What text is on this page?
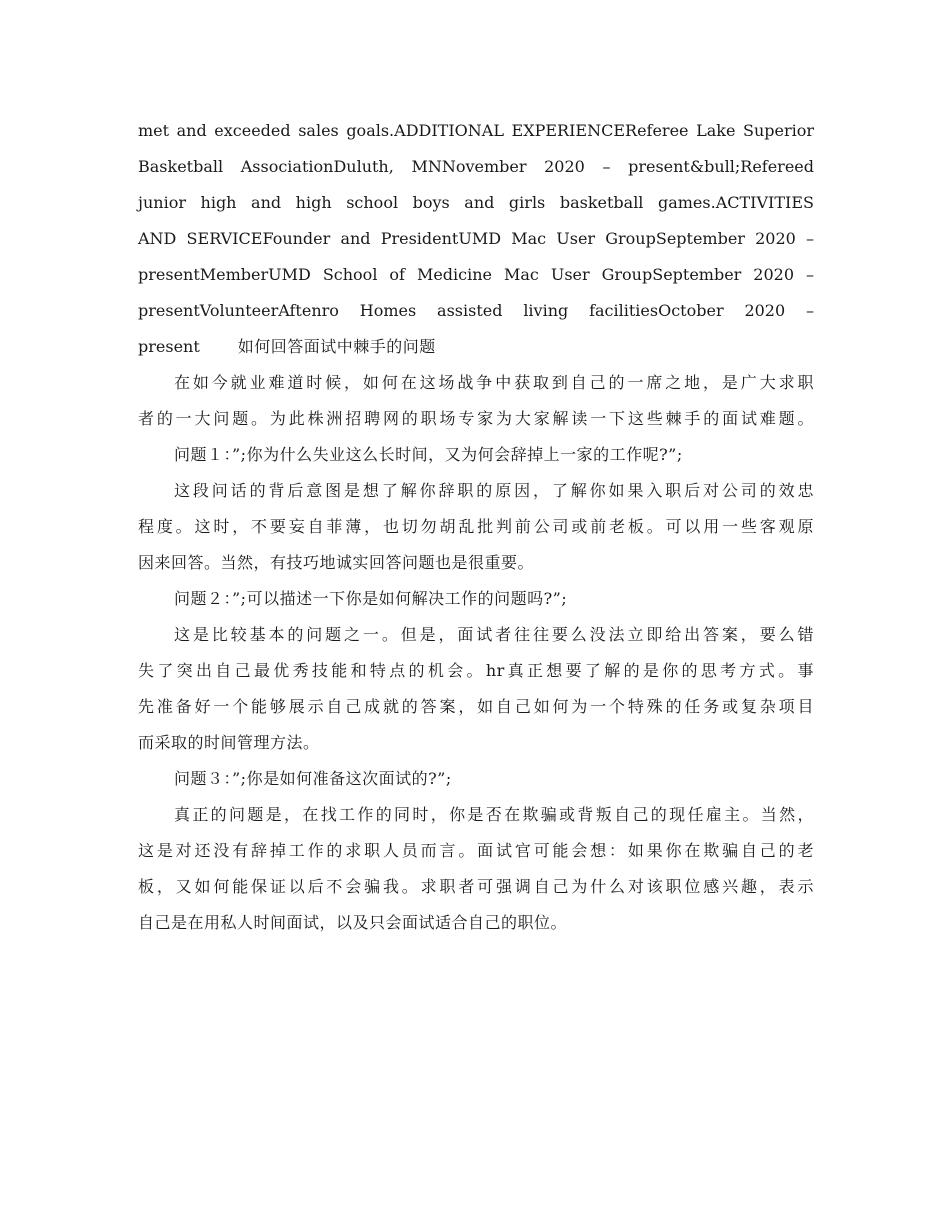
met and exceeded sales goals.ADDITIONAL EXPERIENCEReferee Lake Superior
Basketball AssociationDuluth, MNNovember 2020 – present&bull;Refereed
junior high and high school boys and girls basketball games.ACTIVITIES
AND SERVICEFounder and PresidentUMD Mac User GroupSeptember 2020 –
presentMemberUMD School of Medicine Mac User GroupSeptember 2020 –
presentVolunteerAftenro Homes assisted living facilitiesOctober 2020 –
present 如何回答面试中棘手的问题
在如今就业难道时候，如何在这场战争中获取到自己的一席之地，是广大求职
者的一大问题。为此株洲招聘网的职场专家为大家解读一下这些棘手的面试难题。
问题１：”;你为什么失业这么长时间，又为何会辞掉上一家的工作呢?”;
这段问话的背后意图是想了解你辞职的原因，了解你如果入职后对公司的效忠
程度。这时，不要妄自菲薄，也切勿胡乱批判前公司或前老板。可以用一些客观原
因来回答。当然，有技巧地诚实回答问题也是很重要。
问题２：”;可以描述一下你是如何解决工作的问题吗?”;
这是比较基本的问题之一。但是，面试者往往要么没法立即给出答案，要么错
失了突出自己最优秀技能和特点的机会。hr真正想要了解的是你的思考方式。事
先准备好一个能够展示自己成就的答案，如自己如何为一个特殊的任务或复杂项目
而采取的时间管理方法。
问题３：”;你是如何准备这次面试的?”;
真正的问题是，在找工作的同时，你是否在欺骗或背叛自己的现任雇主。当然，
这是对还没有辞掉工作的求职人员而言。面试官可能会想：如果你在欺骗自己的老
板，又如何能保证以后不会骗我。求职者可强调自己为什么对该职位感兴趣，表示
自己是在用私人时间面试，以及只会面试适合自己的职位。
